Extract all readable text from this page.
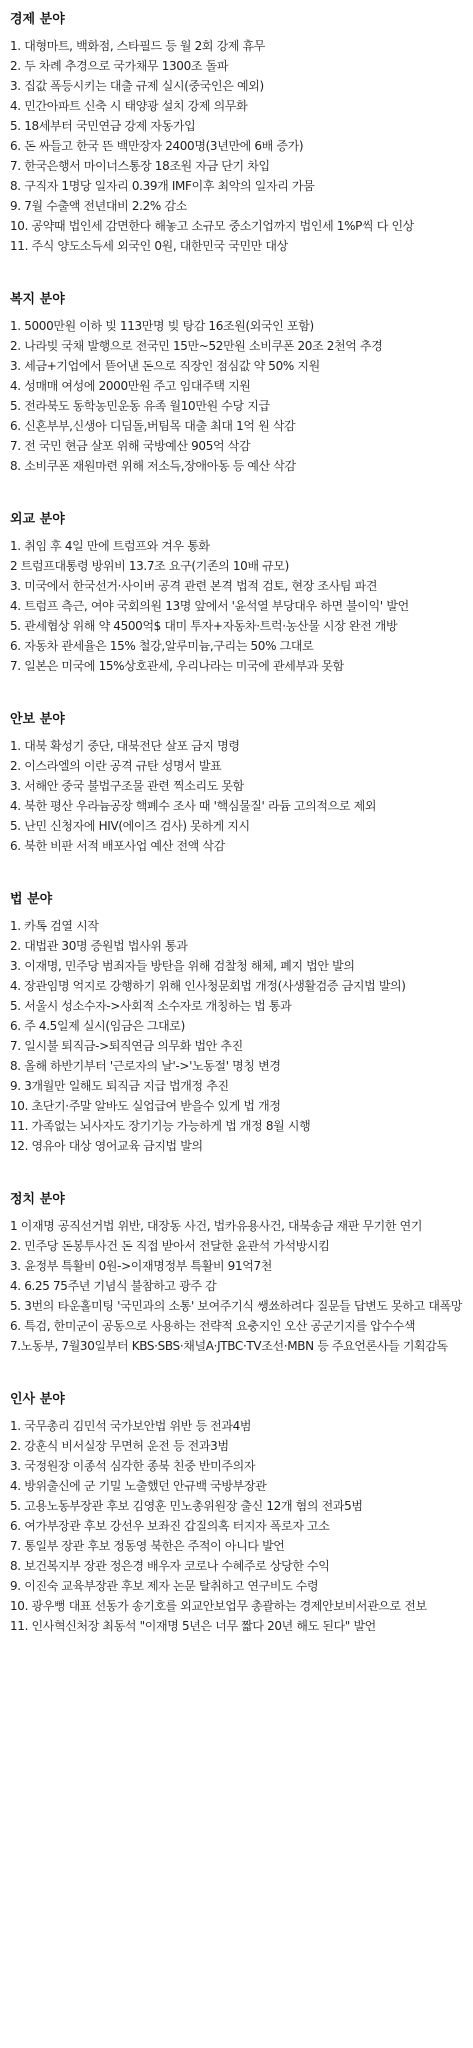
경제 분야

1. 대형마트, 백화점, 스타필드 등 월 2회 강제 휴무

2. 두 차례 추경으로 국가채무 1300조 돌파

3. 집값 폭등시키는 대출 규제 실시(중국인은 예외)

4. 민간아파트 신축 시 태양광 설치 강제 의무화

5. 18세부터 국민연금 강제 자동가입

6. 돈 싸들고 한국 뜬 백만장자 2400명(3년만에 6배 증가)

7. 한국은행서 마이너스통장 18조원 자금 단기 차입

8. 구직자 1명당 일자리 0.39개 IMF이후 최악의 일자리 가뭄

9. 7월 수출액 전년대비 2.2% 감소

10. 공약때 법인세 감면한다 해놓고 소규모 중소기업까지 법인세 1%P씩 다 인상

11. 주식 양도소득세 외국인 0원, 대한민국 국민만 대상

복지 분야

1. 5000만원 이하 빚 113만명 빚 탕감 16조원(외국인 포함)

2. 나라빚 국채 발행으로 전국민 15만~52만원 소비쿠폰 20조 2천억 추경

3. 세금+기업에서 뜯어낸 돈으로 직장인 점심값 약 50% 지원

4. 성매매 여성에 2000만원 주고 임대주택 지원

5. 전라북도 동학농민운동 유족 월10만원 수당 지급

6. 신혼부부,신생아 디딤돌,버팀목 대출 최대 1억 원 삭감

7. 전 국민 현금 살포 위해 국방예산 905억 삭감

8. 소비쿠폰 재원마련 위해 저소득,장애아동 등 예산 삭감

외교 분야

1. 취임 후 4일 만에 트럼프와 겨우 통화

2 트럼프대통령 방위비 13.7조 요구(기존의 10배 규모)

3. 미국에서 한국선거·사이버 공격 관련 본격 법적 검토, 현장 조사팀 파견

4. 트럼프 측근, 여야 국회의원 13명 앞에서 '윤석열 부당대우 하면 불이익' 발언

5. 관세협상 위해 약 4500억$ 대미 투자+자동차·트럭·농산물 시장 완전 개방

6. 자동차 관세율은 15% 철강,알루미늄,구리는 50% 그대로

7. 일본은 미국에 15%상호관세, 우리나라는 미국에 관세부과 못함

안보 분야

1. 대북 확성기 중단, 대북전단 살포 금지 명령

2. 이스라엘의 이란 공격 규탄 성명서 발표

3. 서해안 중국 불법구조물 관련 찍소리도 못함

4. 북한 평산 우라늄공장 핵폐수 조사 때 '핵심물질' 라듐 고의적으로 제외

5. 난민 신청자에 HIV(에이즈 검사) 못하게 지시

6. 북한 비판 서적 배포사업 예산 전액 삭감

법 분야

1. 카톡 검열 시작

2. 대법관 30명 증원법 법사위 통과

3. 이재명, 민주당 범죄자들 방탄을 위해 검찰청 해체, 폐지 법안 발의

4. 장관임명 억지로 강행하기 위해 인사청문회법 개정(사생활검증 금지법 발의)

5. 서울시 성소수자->사회적 소수자로 개칭하는 법 통과

6. 주 4.5일제 실시(임금은 그대로)

7. 일시불 퇴직금->퇴직연금 의무화 법안 추진

8. 올해 하반기부터 '근로자의 날'->'노동절' 명칭 변경

9. 3개월만 일해도 퇴직금 지급 법개정 추진

10. 초단기·주말 알바도 실업급여 받을수 있게 법 개정

11. 가족없는 뇌사자도 장기기능 가능하게 법 개정 8월 시행

12. 영유아 대상 영어교육 금지법 발의

정치 분야

1 이재명 공직선거법 위반, 대장동 사건, 법카유용사건, 대북송금 재판 무기한 연기

2. 민주당 돈봉투사건 돈 직접 받아서 전달한 윤관석 가석방시킴

3. 윤정부 특활비 0원->이재명정부 특활비 91억7천

4. 6.25 75주년 기념식 불참하고 광주 감

5. 3번의 타운홀미팅 '국민과의 소통' 보여주기식 쌩쑈하려다 질문들 답변도 못하고 대폭망

6. 특검, 한미군이 공동으로 사용하는 전략적 요충지인 오산 공군기지를 압수수색

7.노동부, 7월30일부터 KBS·SBS·채널A·JTBC·TV조선·MBN 등 주요언론사들 기획감독

인사 분야

1. 국무총리 김민석 국가보안법 위반 등 전과4범

2. 강훈식 비서실장 무면허 운전 등 전과3범

3. 국정원장 이종석 심각한 종북 친중 반미주의자

4. 방위출신에 군 기밀 노출했던 안규백 국방부장관

5. 고용노동부장관 후보 김영훈 민노총위원장 출신 12개 혐의 전과5범

6. 여가부장관 후보 강선우 보좌진 갑질의혹 터지자 폭로자 고소

7. 통일부 장관 후보 정동영 북한은 주적이 아니다 발언

8. 보건복지부 장관 정은경 배우자 코로나 수혜주로 상당한 수익

9. 이진숙 교육부장관 후보 제자 논문 탈취하고 연구비도 수령

10. 광우뻥 대표 선동가 송기호를 외교안보업무 총괄하는 경제안보비서관으로 전보

11. 인사혁신처장 최동석 "이재명 5년은 너무 짧다 20년 해도 된다" 발언
